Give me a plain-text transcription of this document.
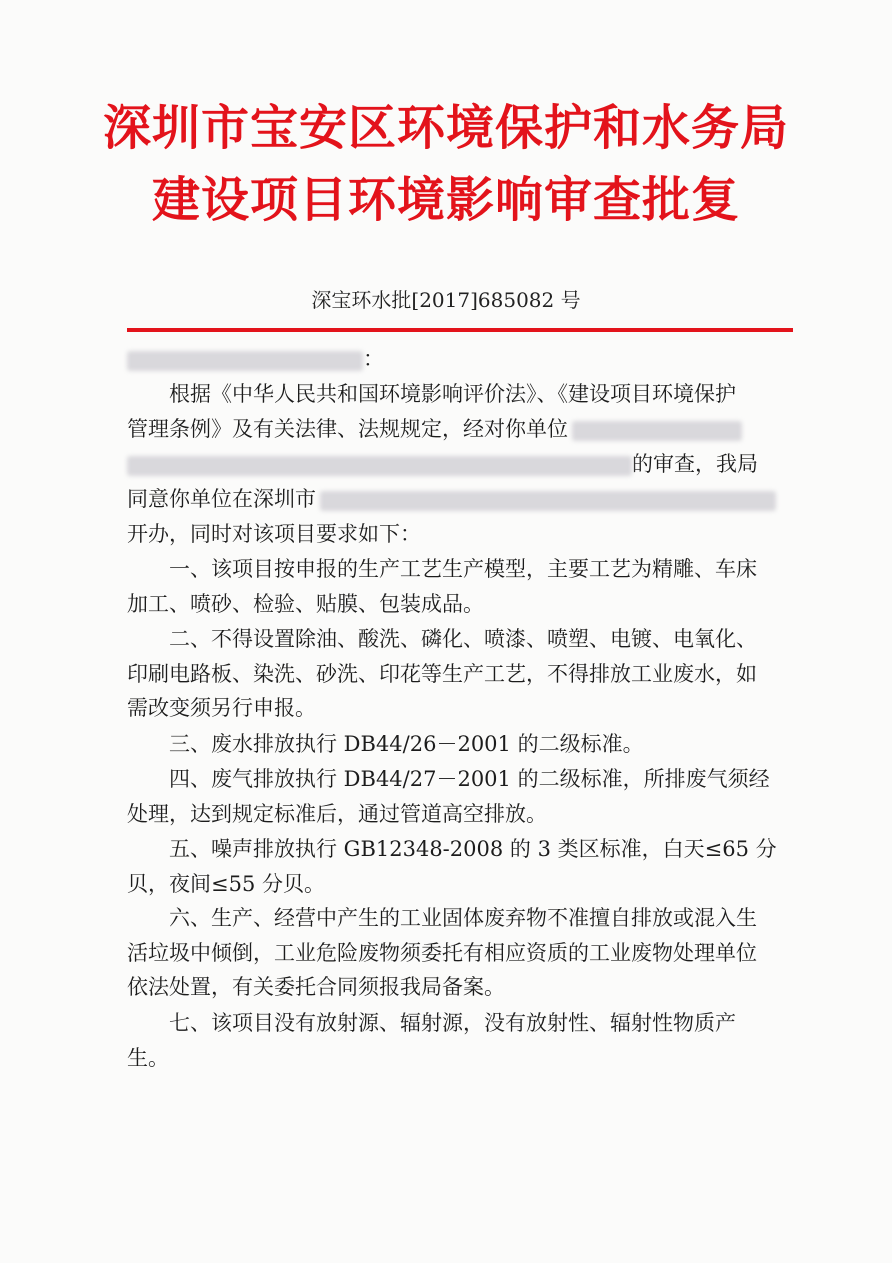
深圳市宝安区环境保护和水务局
建设项目环境影响审查批复
深宝环水批[2017]685082 号
：
根据《中华人民共和国环境影响评价法》、《建设项目环境保护
管理条例》及有关法律、法规规定，经对你单位
的审查，我局
同意你单位在深圳市
开办，同时对该项目要求如下：
一、该项目按申报的生产工艺生产模型，主要工艺为精雕、车床加工、喷砂、检验、贴膜、包装成品。
二、不得设置除油、酸洗、磷化、喷漆、喷塑、电镀、电氧化、印刷电路板、染洗、砂洗、印花等生产工艺，不得排放工业废水，如需改变须另行申报。
三、废水排放执行 DB44/26－2001 的二级标准。
四、废气排放执行 DB44/27－2001 的二级标准，所排废气须经处理，达到规定标准后，通过管道高空排放。
五、噪声排放执行 GB12348-2008 的 3 类区标准，白天≤65 分贝，夜间≤55 分贝。
六、生产、经营中产生的工业固体废弃物不准擅自排放或混入生活垃圾中倾倒，工业危险废物须委托有相应资质的工业废物处理单位依法处置，有关委托合同须报我局备案。
七、该项目没有放射源、辐射源，没有放射性、辐射性物质产生。
